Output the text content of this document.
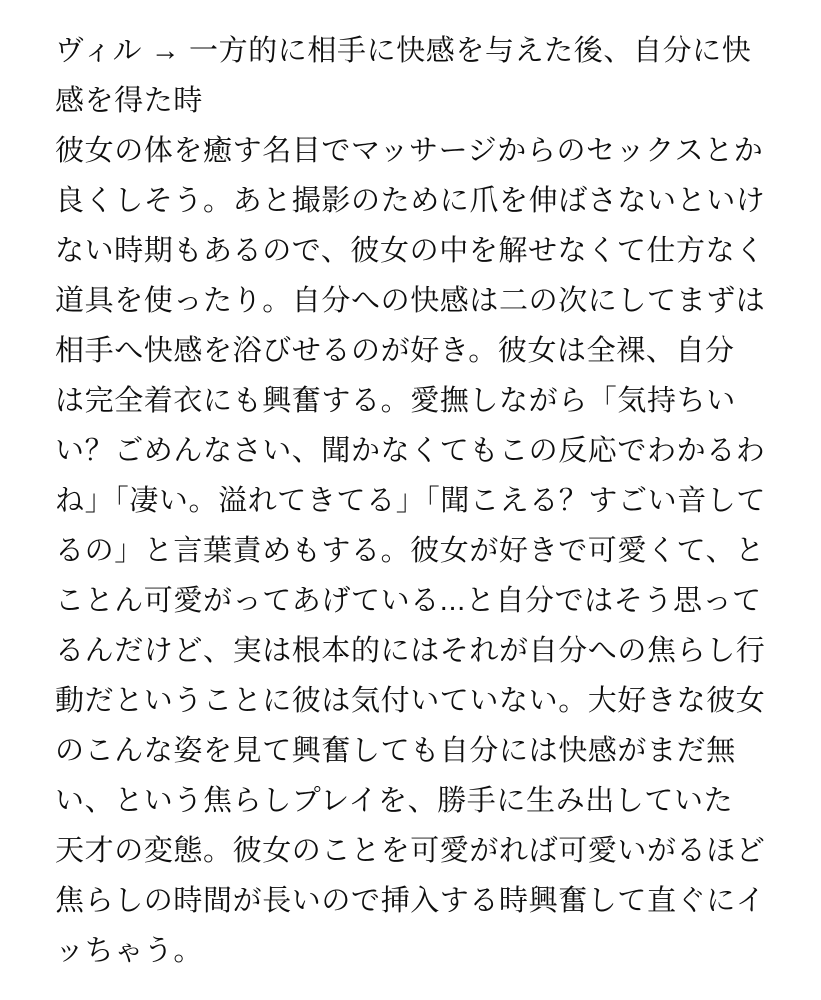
ヴィル → 一方的に相手に快感を与えた後、自分に快
感を得た時
彼女の体を癒す名目でマッサージからのセックスとか
良くしそう。あと撮影のために爪を伸ばさないといけ
ない時期もあるので、彼女の中を解せなくて仕方なく
道具を使ったり。自分への快感は二の次にしてまずは
相手へ快感を浴びせるのが好き。彼女は全裸、自分
は完全着衣にも興奮する。愛撫しながら「気持ちい
い？ごめんなさい、聞かなくてもこの反応でわかるわ
ね」「凄い。溢れてきてる」「聞こえる？すごい音して
るの」と言葉責めもする。彼女が好きで可愛くて、と
ことん可愛がってあげている...と自分ではそう思って
るんだけど、実は根本的にはそれが自分への焦らし行
動だということに彼は気付いていない。大好きな彼女
のこんな姿を見て興奮しても自分には快感がまだ無
い、という焦らしプレイを、勝手に生み出していた
天才の変態。彼女のことを可愛がれば可愛いがるほど
焦らしの時間が長いので挿入する時興奮して直ぐにイ
ッちゃう。
